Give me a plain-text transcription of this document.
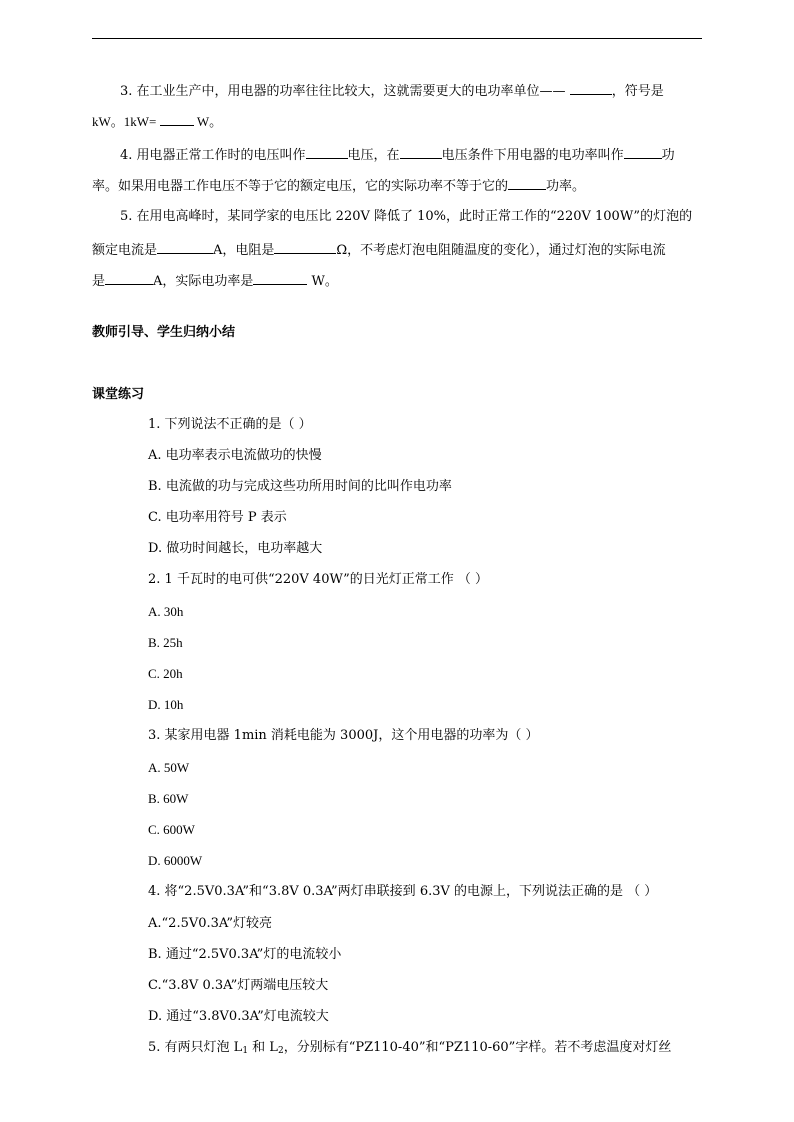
3. 在工业生产中，用电器的功率往往比较大，这就需要更大的电功率单位——	，符号是
kW。1kW=	W。
4. 用电器正常工作时的电压叫作	电压，在	电压条件下用电器的电功率叫作	功
率。如果用电器工作电压不等于它的额定电压，它的实际功率不等于它的	功率。
5. 在用电高峰时，某同学家的电压比 220V 降低了 10%，此时正常工作的“220V 100W”的灯泡的
额定电流是	A，电阻是	Ω，不考虑灯泡电阻随温度的变化），通过灯泡的实际电流
是	A，实际电功率是	W。
教师引导、学生归纳小结
课堂练习
1. 下列说法不正确的是（ ）
A. 电功率表示电流做功的快慢
B. 电流做的功与完成这些功所用时间的比叫作电功率
C. 电功率用符号 P 表示
D. 做功时间越长，电功率越大
2. 1 千瓦时的电可供“220V 40W”的日光灯正常工作 （ ）
A. 30h
B. 25h
C. 20h
D. 10h
3. 某家用电器 1min 消耗电能为 3000J，这个用电器的功率为（ ）
A. 50W
B. 60W
C. 600W
D. 6000W
4. 将“2.5V0.3A”和“3.8V 0.3A”两灯串联接到 6.3V 的电源上，下列说法正确的是 （ ）
A.“2.5V0.3A”灯较亮
B. 通过“2.5V0.3A”灯的电流较小
C.“3.8V 0.3A”灯两端电压较大
D. 通过“3.8V0.3A”灯电流较大
5. 有两只灯泡 $L_1$ 和 $L_2$，分别标有“PZ110-40”和“PZ110-60”字样。若不考虑温度对灯丝
